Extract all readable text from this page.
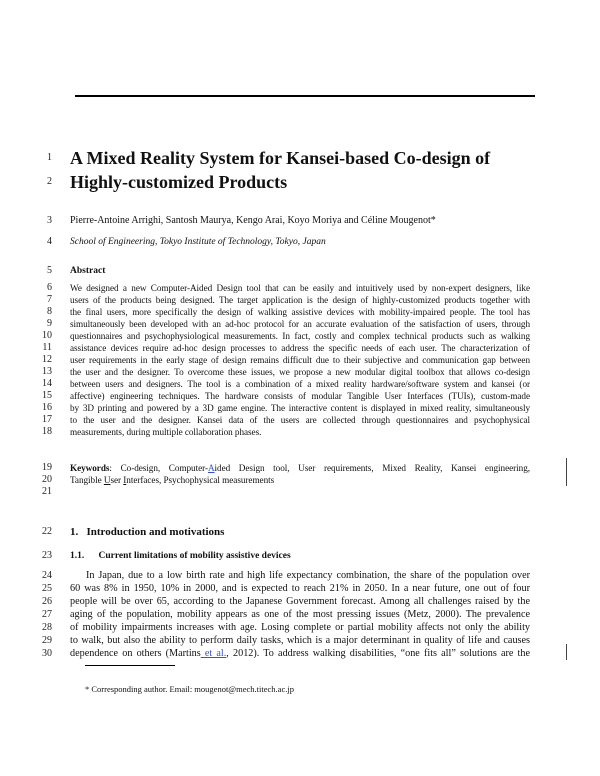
1
2
3
4
5
6
7
8
9
10
11
12
13
14
15
16
17
18
19
20
21
22
23
24
25
26
27
28
29
30
A Mixed Reality System for Kansei-based Co-design of
Highly-customized Products
Pierre-Antoine Arrighi, Santosh Maurya, Kengo Arai, Koyo Moriya and Céline Mougenot*
School of Engineering, Tokyo Institute of Technology, Tokyo, Japan
Abstract
We designed a new Computer-Aided Design tool that can be easily and intuitively used by non-expert designers, like
users of the products being designed. The target application is the design of highly-customized products together with
the final users, more specifically the design of walking assistive devices with mobility-impaired people. The tool has
simultaneously been developed with an ad-hoc protocol for an accurate evaluation of the satisfaction of users, through
questionnaires and psychophysiological measurements. In fact, costly and complex technical products such as walking
assistance devices require ad-hoc design processes to address the specific needs of each user. The characterization of
user requirements in the early stage of design remains difficult due to their subjective and communication gap between
the user and the designer. To overcome these issues, we propose a new modular digital toolbox that allows co-design
between users and designers. The tool is a combination of a mixed reality hardware/software system and kansei (or
affective) engineering techniques. The hardware consists of modular Tangible User Interfaces (TUIs), custom-made
by 3D printing and powered by a 3D game engine. The interactive content is displayed in mixed reality, simultaneously
to the user and the designer. Kansei data of the users are collected through questionnaires and psychophysical
measurements, during multiple collaboration phases.
Keywords: Co-design, Computer-Aided Design tool, User requirements, Mixed Reality, Kansei engineering,
Tangible User Interfaces, Psychophysical measurements
1. Introduction and motivations
1.1. Current limitations of mobility assistive devices
In Japan, due to a low birth rate and high life expectancy combination, the share of the population over
60 was 8% in 1950, 10% in 2000, and is expected to reach 21% in 2050. In a near future, one out of four
people will be over 65, according to the Japanese Government forecast. Among all challenges raised by the
aging of the population, mobility appears as one of the most pressing issues (Metz, 2000). The prevalence
of mobility impairments increases with age. Losing complete or partial mobility affects not only the ability
to walk, but also the ability to perform daily tasks, which is a major determinant in quality of life and causes
dependence on others (Martins et al., 2012). To address walking disabilities, “one fits all” solutions are the
* Corresponding author. Email: mougenot@mech.titech.ac.jp
